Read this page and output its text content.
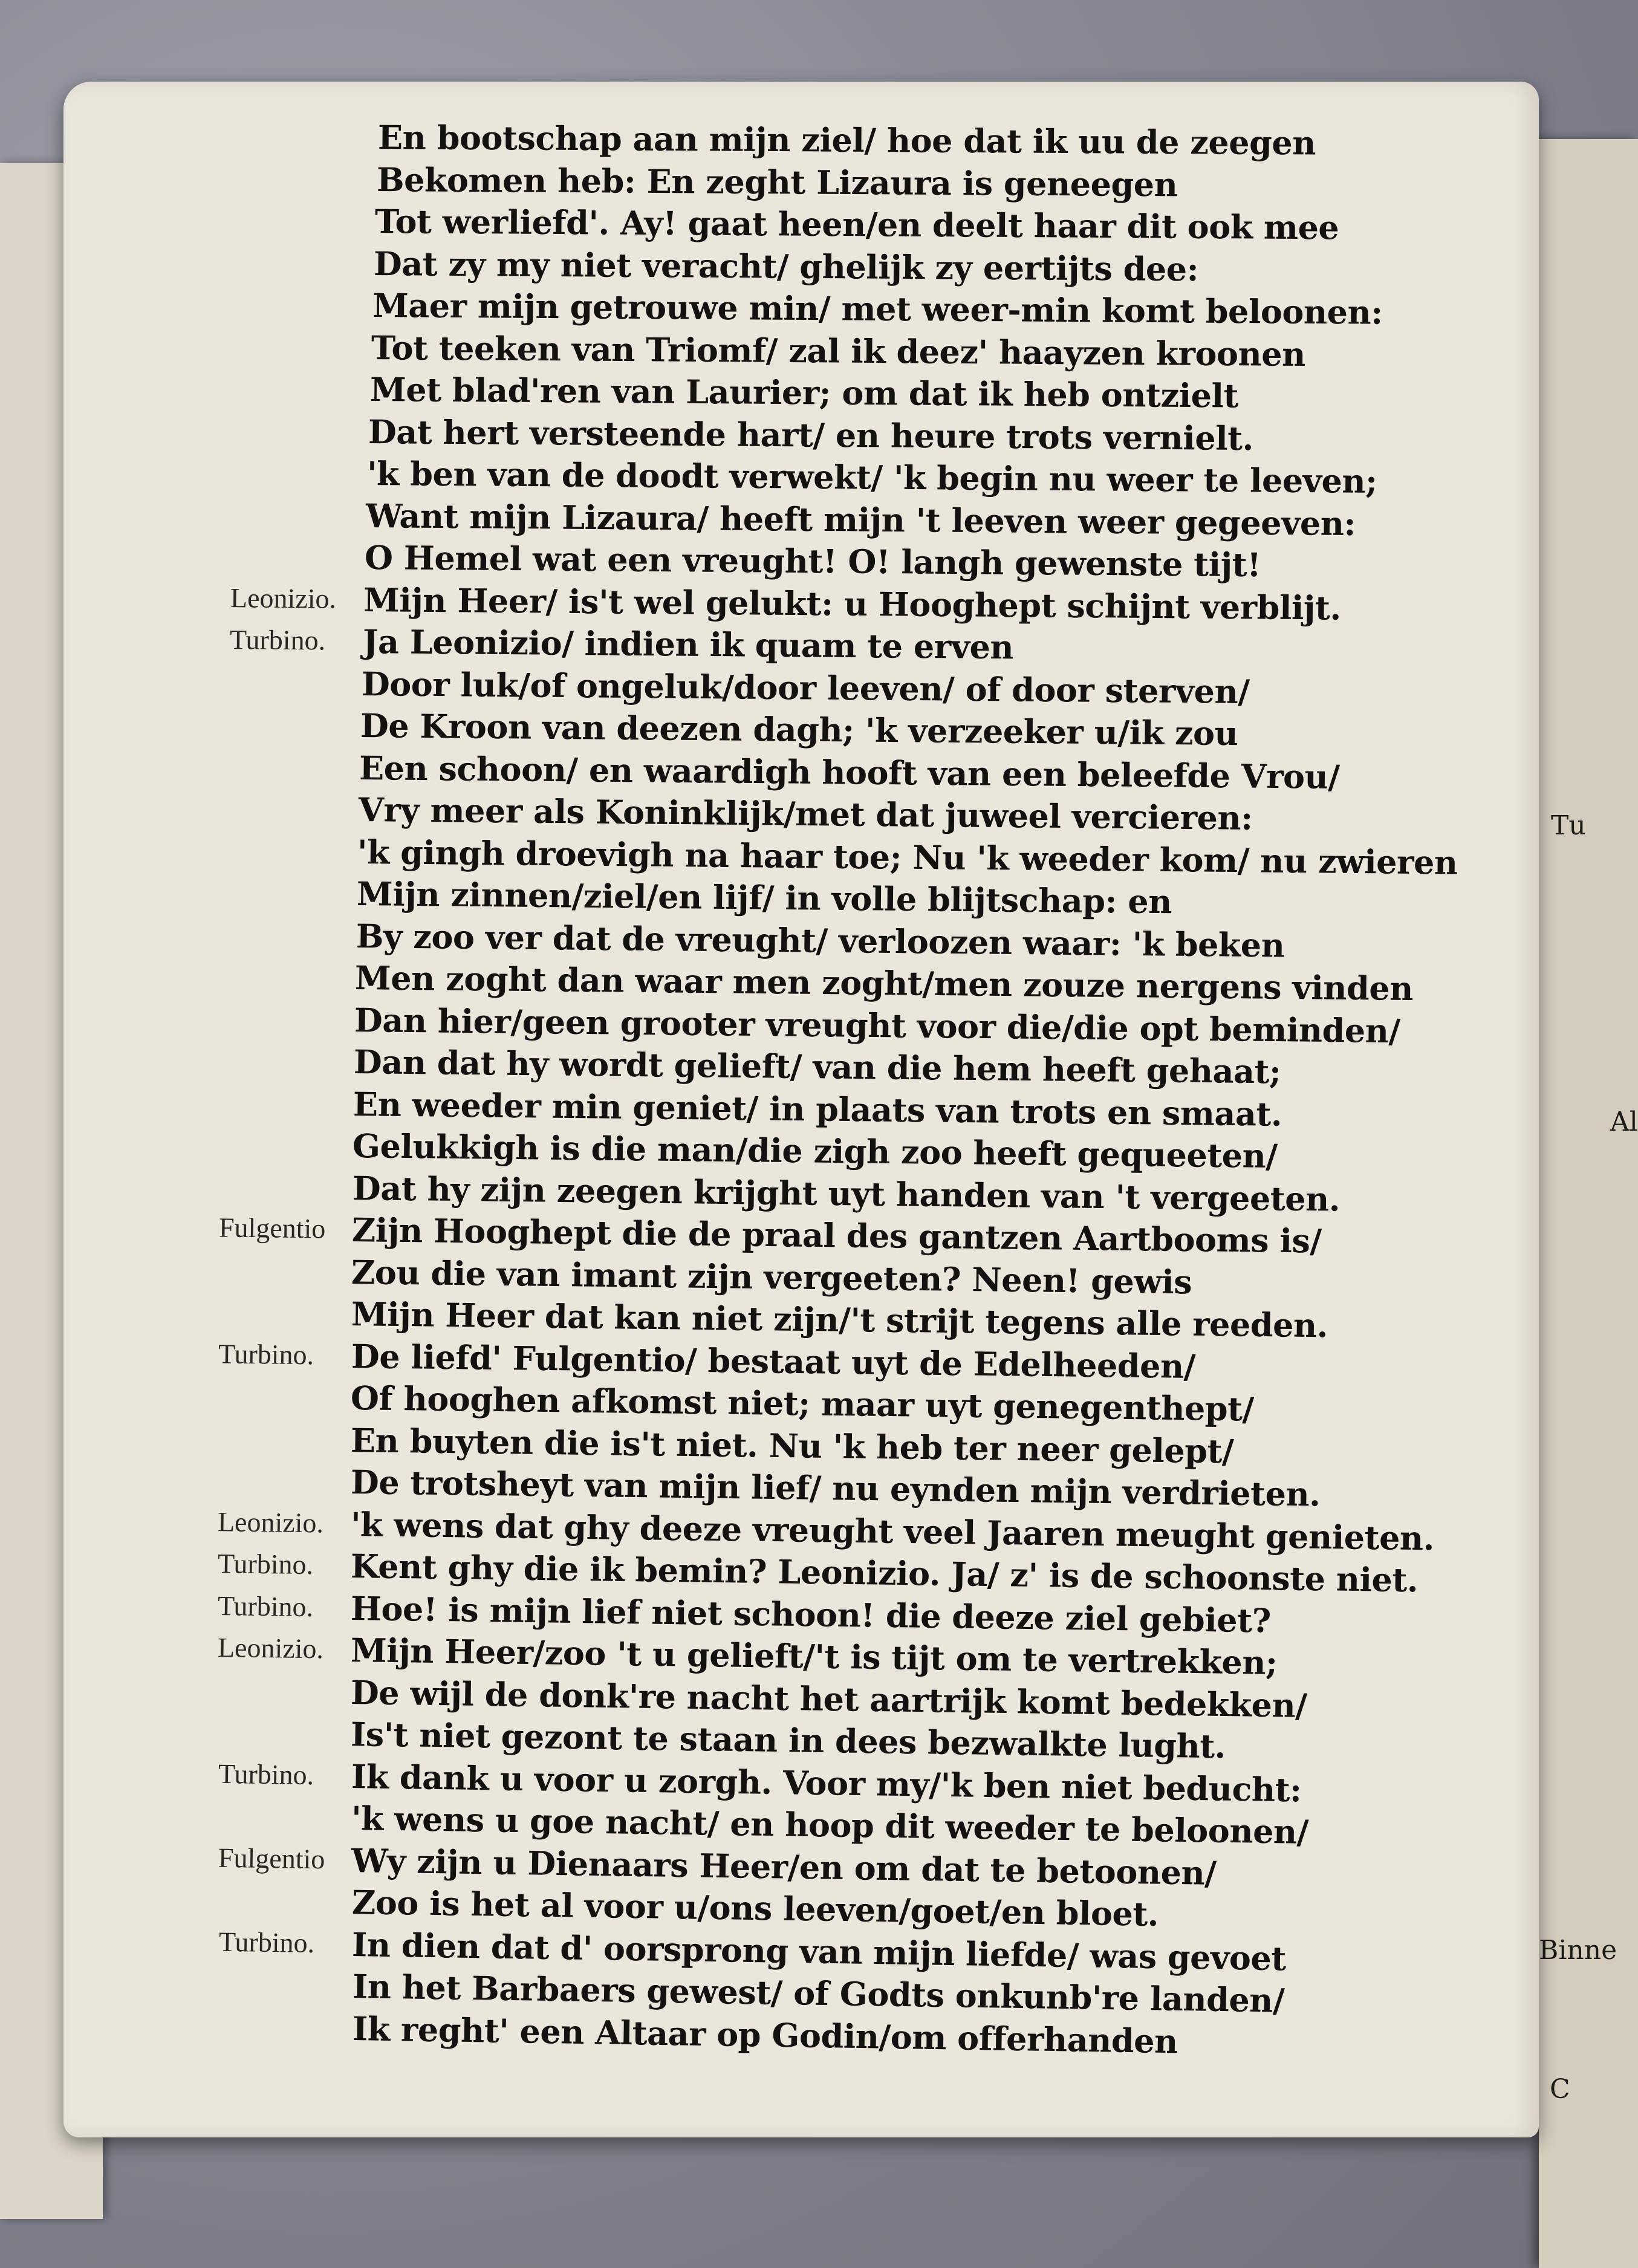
Tu
Al
Binne
C
En bootschap aan mijn ziel/ hoe dat ik uu de zeegen
Bekomen heb: En zeght Lizaura is geneegen
Tot werliefd'. Ay! gaat heen/en deelt haar dit ook mee
Dat zy my niet veracht/ ghelijk zy eertijts dee:
Maer mijn getrouwe min/ met weer-min komt beloonen:
Tot teeken van Triomf/ zal ik deez' haayzen kroonen
Met blad'ren van Laurier; om dat ik heb ontzielt
Dat hert versteende hart/ en heure trots vernielt.
'k ben van de doodt verwekt/ 'k begin nu weer te leeven;
Want mijn Lizaura/ heeft mijn 't leeven weer gegeeven:
O Hemel wat een vreught! O! langh gewenste tijt!
Leonizio. Mijn Heer/ is't wel gelukt: u Hooghept schijnt verblijt.
Turbino.	Ja Leonizio/ indien ik quam te erven
Door luk/of ongeluk/door leeven/ of door sterven/
De Kroon van deezen dagh; 'k verzeeker u/ik zou
Een schoon/ en waardigh hooft van een beleefde Vrou/
Vry meer als Koninklijk/met dat juweel vercieren:
'k gingh droevigh na haar toe; Nu 'k weeder kom/ nu zwieren
Mijn zinnen/ziel/en lijf/ in volle blijtschap: en
By zoo ver dat de vreught/ verloozen waar: 'k beken
Men zoght dan waar men zoght/men zouze nergens vinden
Dan hier/geen grooter vreught voor die/die opt beminden/
Dan dat hy wordt gelieft/ van die hem heeft gehaat;
En weeder min geniet/ in plaats van trots en smaat.
Gelukkigh is die man/die zigh zoo heeft gequeeten/
Dat hy zijn zeegen krijght uyt handen van 't vergeeten.
Fulgentio Zijn Hooghept die de praal des gantzen Aartbooms is/
Zou die van imant zijn vergeeten? Neen! gewis
Mijn Heer dat kan niet zijn/'t strijt tegens alle reeden.
Turbino.	De liefd' Fulgentio/ bestaat uyt de Edelheeden/
Of hooghen afkomst niet; maar uyt genegenthept/
En buyten die is't niet. Nu 'k heb ter neer gelept/
De trotsheyt van mijn lief/ nu eynden mijn verdrieten.
Leonizio. 'k wens dat ghy deeze vreught veel Jaaren meught genieten.
Turbino.	Kent ghy die ik bemin? Leonizio. Ja/ z' is de schoonste niet.
Turbino.	Hoe! is mijn lief niet schoon! die deeze ziel gebiet?
Leonizio. Mijn Heer/zoo 't u gelieft/'t is tijt om te vertrekken;
De wijl de donk're nacht het aartrijk komt bedekken/
Is't niet gezont te staan in dees bezwalkte lught.
Turbino.	Ik dank u voor u zorgh. Voor my/'k ben niet beducht:
'k wens u goe nacht/ en hoop dit weeder te beloonen/
Fulgentio Wy zijn u Dienaars Heer/en om dat te betoonen/
Zoo is het al voor u/ons leeven/goet/en bloet.
Turbino.	In dien dat d' oorsprong van mijn liefde/ was gevoet
In het Barbaers gewest/ of Godts onkunb're landen/
Ik reght' een Altaar op Godin/om offerhanden
